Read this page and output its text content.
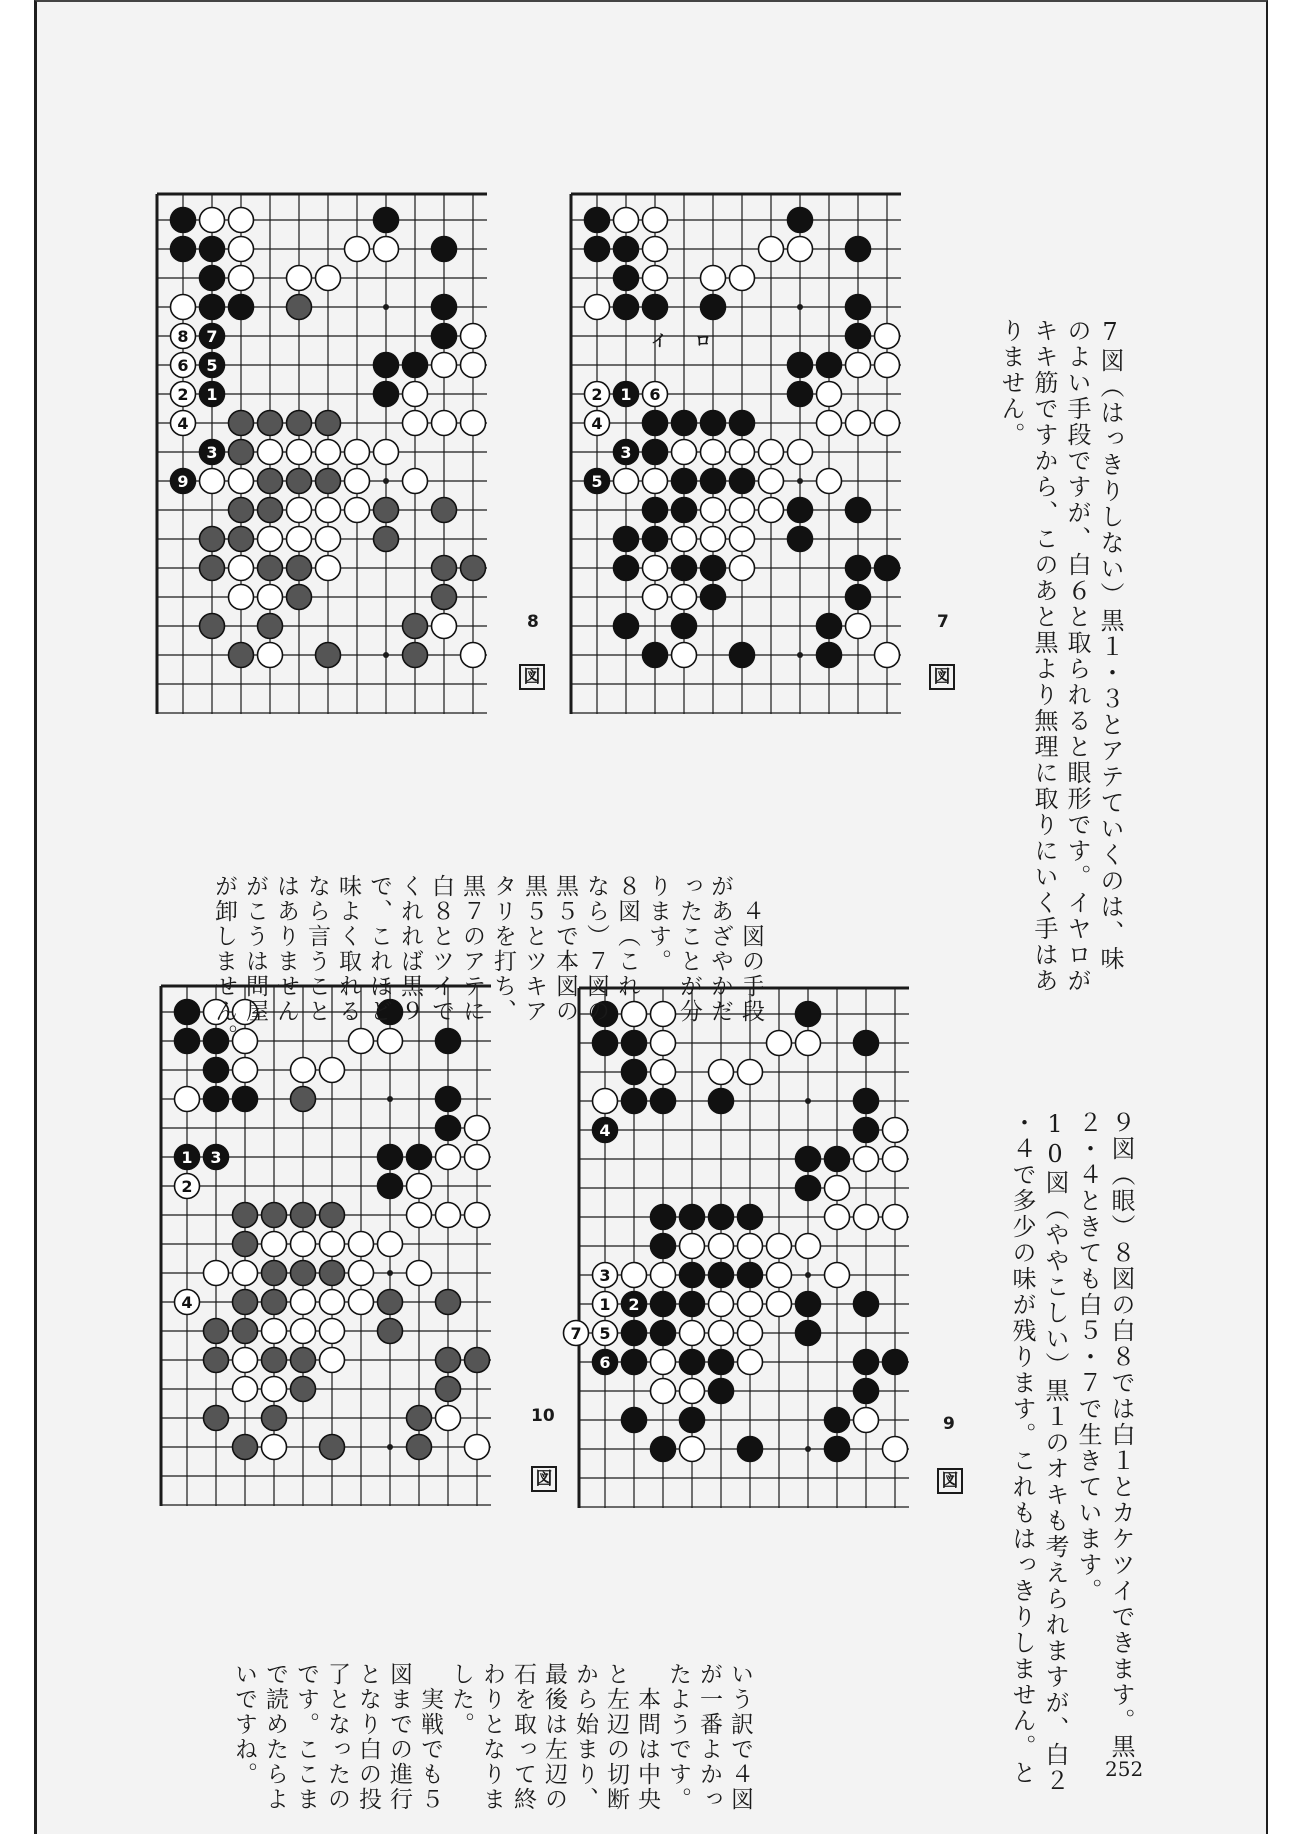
8 7
6 5
2 1
4
3
9
8
図
2 1 6
4
3
5
7
図
イ ロ
1 3
2
4
10
図
4
3
1 2
7 5
6
9
図

7図（はっきりしない）黒１・３とアテていくのは、味
のよい手段ですが、白６と取られると眼形です。イヤロが
キキ筋ですから、このあと黒より無理に取りにいく手はあ
りません。

　４図の手段
があざやかだ
ったことが分
ります。
８図（これ
なら）７図の
黒５で本図の
黒５とツキア
タリを打ち、
黒７のアテに
白８とツイで
くれれば黒９
で、これほど
味よく取れる
なら言うこと
はありません
がこうは問屋
が卸しません。

９図（眼）８図の白８では白１とカケツイできます。黒
２・４ときても白５・７で生きています。
10図（ややこしい）黒１のオキも考えられますが、白２
・４で多少の味が残ります。これもはっきりしません。と

いう訳で４図
が一番よかっ
たようです。
　本問は中央
と左辺の切断
から始まり、
最後は左辺の
石を取って終
わりとなりま
した。
　実戦でも５
図までの進行
となり白の投
了となったの
です。ここま
で読めたらよ
いですね。
	252
